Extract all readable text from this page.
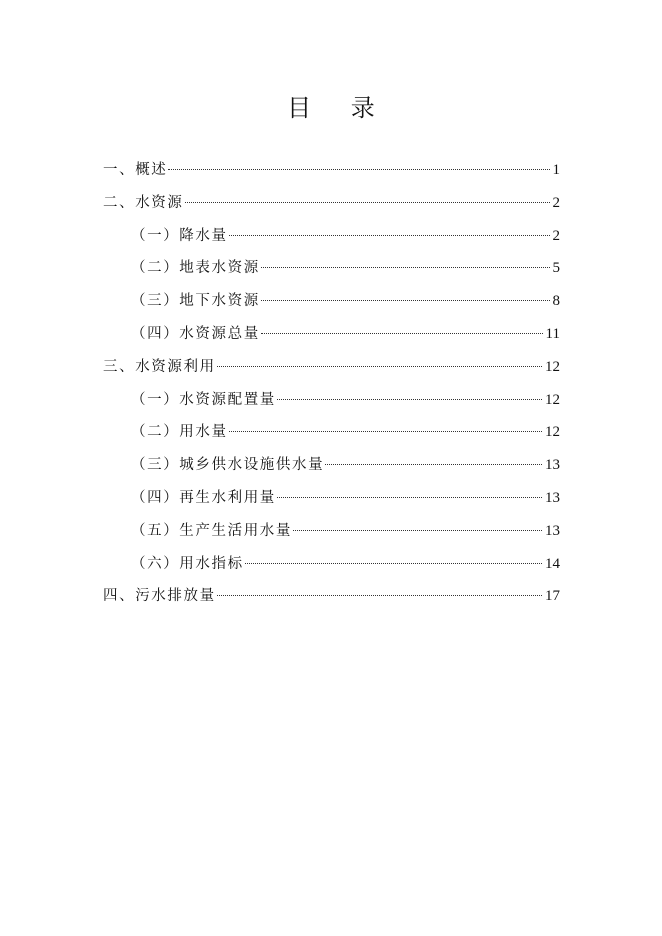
目 录
一、概述	1
二、水资源	2
（一）降水量	2
（二）地表水资源	5
（三）地下水资源	8
（四）水资源总量	11
三、水资源利用	12
（一）水资源配置量	12
（二）用水量	12
（三）城乡供水设施供水量	13
（四）再生水利用量	13
（五）生产生活用水量	13
（六）用水指标	14
四、污水排放量	17
